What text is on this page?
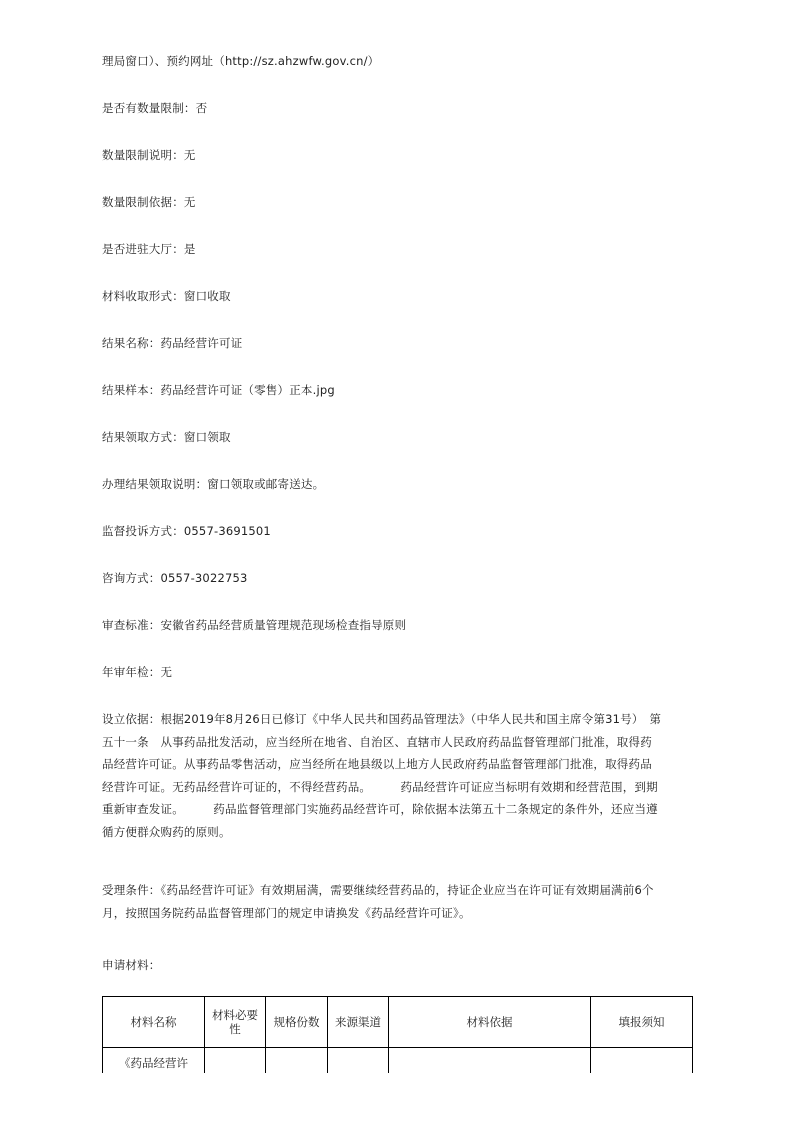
理局窗口）、预约网址（http://sz.ahzwfw.gov.cn/）
是否有数量限制：否
数量限制说明：无
数量限制依据：无
是否进驻大厅：是
材料收取形式：窗口收取
结果名称：药品经营许可证
结果样本：药品经营许可证（零售）正本.jpg
结果领取方式：窗口领取
办理结果领取说明：窗口领取或邮寄送达。
监督投诉方式：0557-3691501
咨询方式：0557-3022753
审查标准：安徽省药品经营质量管理规范现场检查指导原则
年审年检：无
设立依据：根据2019年8月26日已修订《中华人民共和国药品管理法》（中华人民共和国主席令第31号）　第
五十一条　从事药品批发活动，应当经所在地省、自治区、直辖市人民政府药品监督管理部门批准，取得药
品经营许可证。从事药品零售活动，应当经所在地县级以上地方人民政府药品监督管理部门批准，取得药品
经营许可证。无药品经营许可证的，不得经营药品。　　　药品经营许可证应当标明有效期和经营范围，到期
重新审查发证。　　　药品监督管理部门实施药品经营许可，除依据本法第五十二条规定的条件外，还应当遵
循方便群众购药的原则。
受理条件：《药品经营许可证》有效期届满，需要继续经营药品的，持证企业应当在许可证有效期届满前6个
月，按照国务院药品监督管理部门的规定申请换发《药品经营许可证》。
申请材料：
材料名称	材料必要性	规格份数	来源渠道	材料依据	填报须知
《药品经营许					
